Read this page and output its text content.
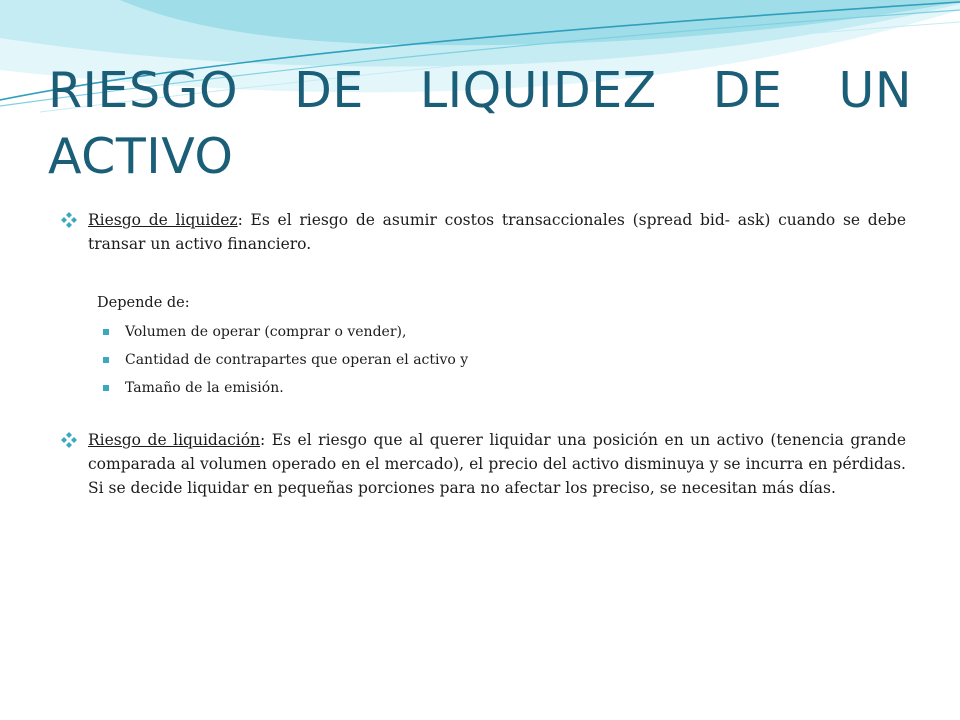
RIESGO DE LIQUIDEZ DE UN ACTIVO

Riesgo de liquidez: Es el riesgo de asumir costos transaccionales (spread bid- ask) cuando se debe transar un activo financiero.

Depende de:
Volumen de operar (comprar o vender),
Cantidad de contrapartes que operan el activo y
Tamaño de la emisión.

Riesgo de liquidación: Es el riesgo que al querer liquidar una posición en un activo (tenencia grande comparada al volumen operado en el mercado), el precio del activo disminuya y se incurra en pérdidas. Si se decide liquidar en pequeñas porciones para no afectar los preciso, se necesitan más días.
